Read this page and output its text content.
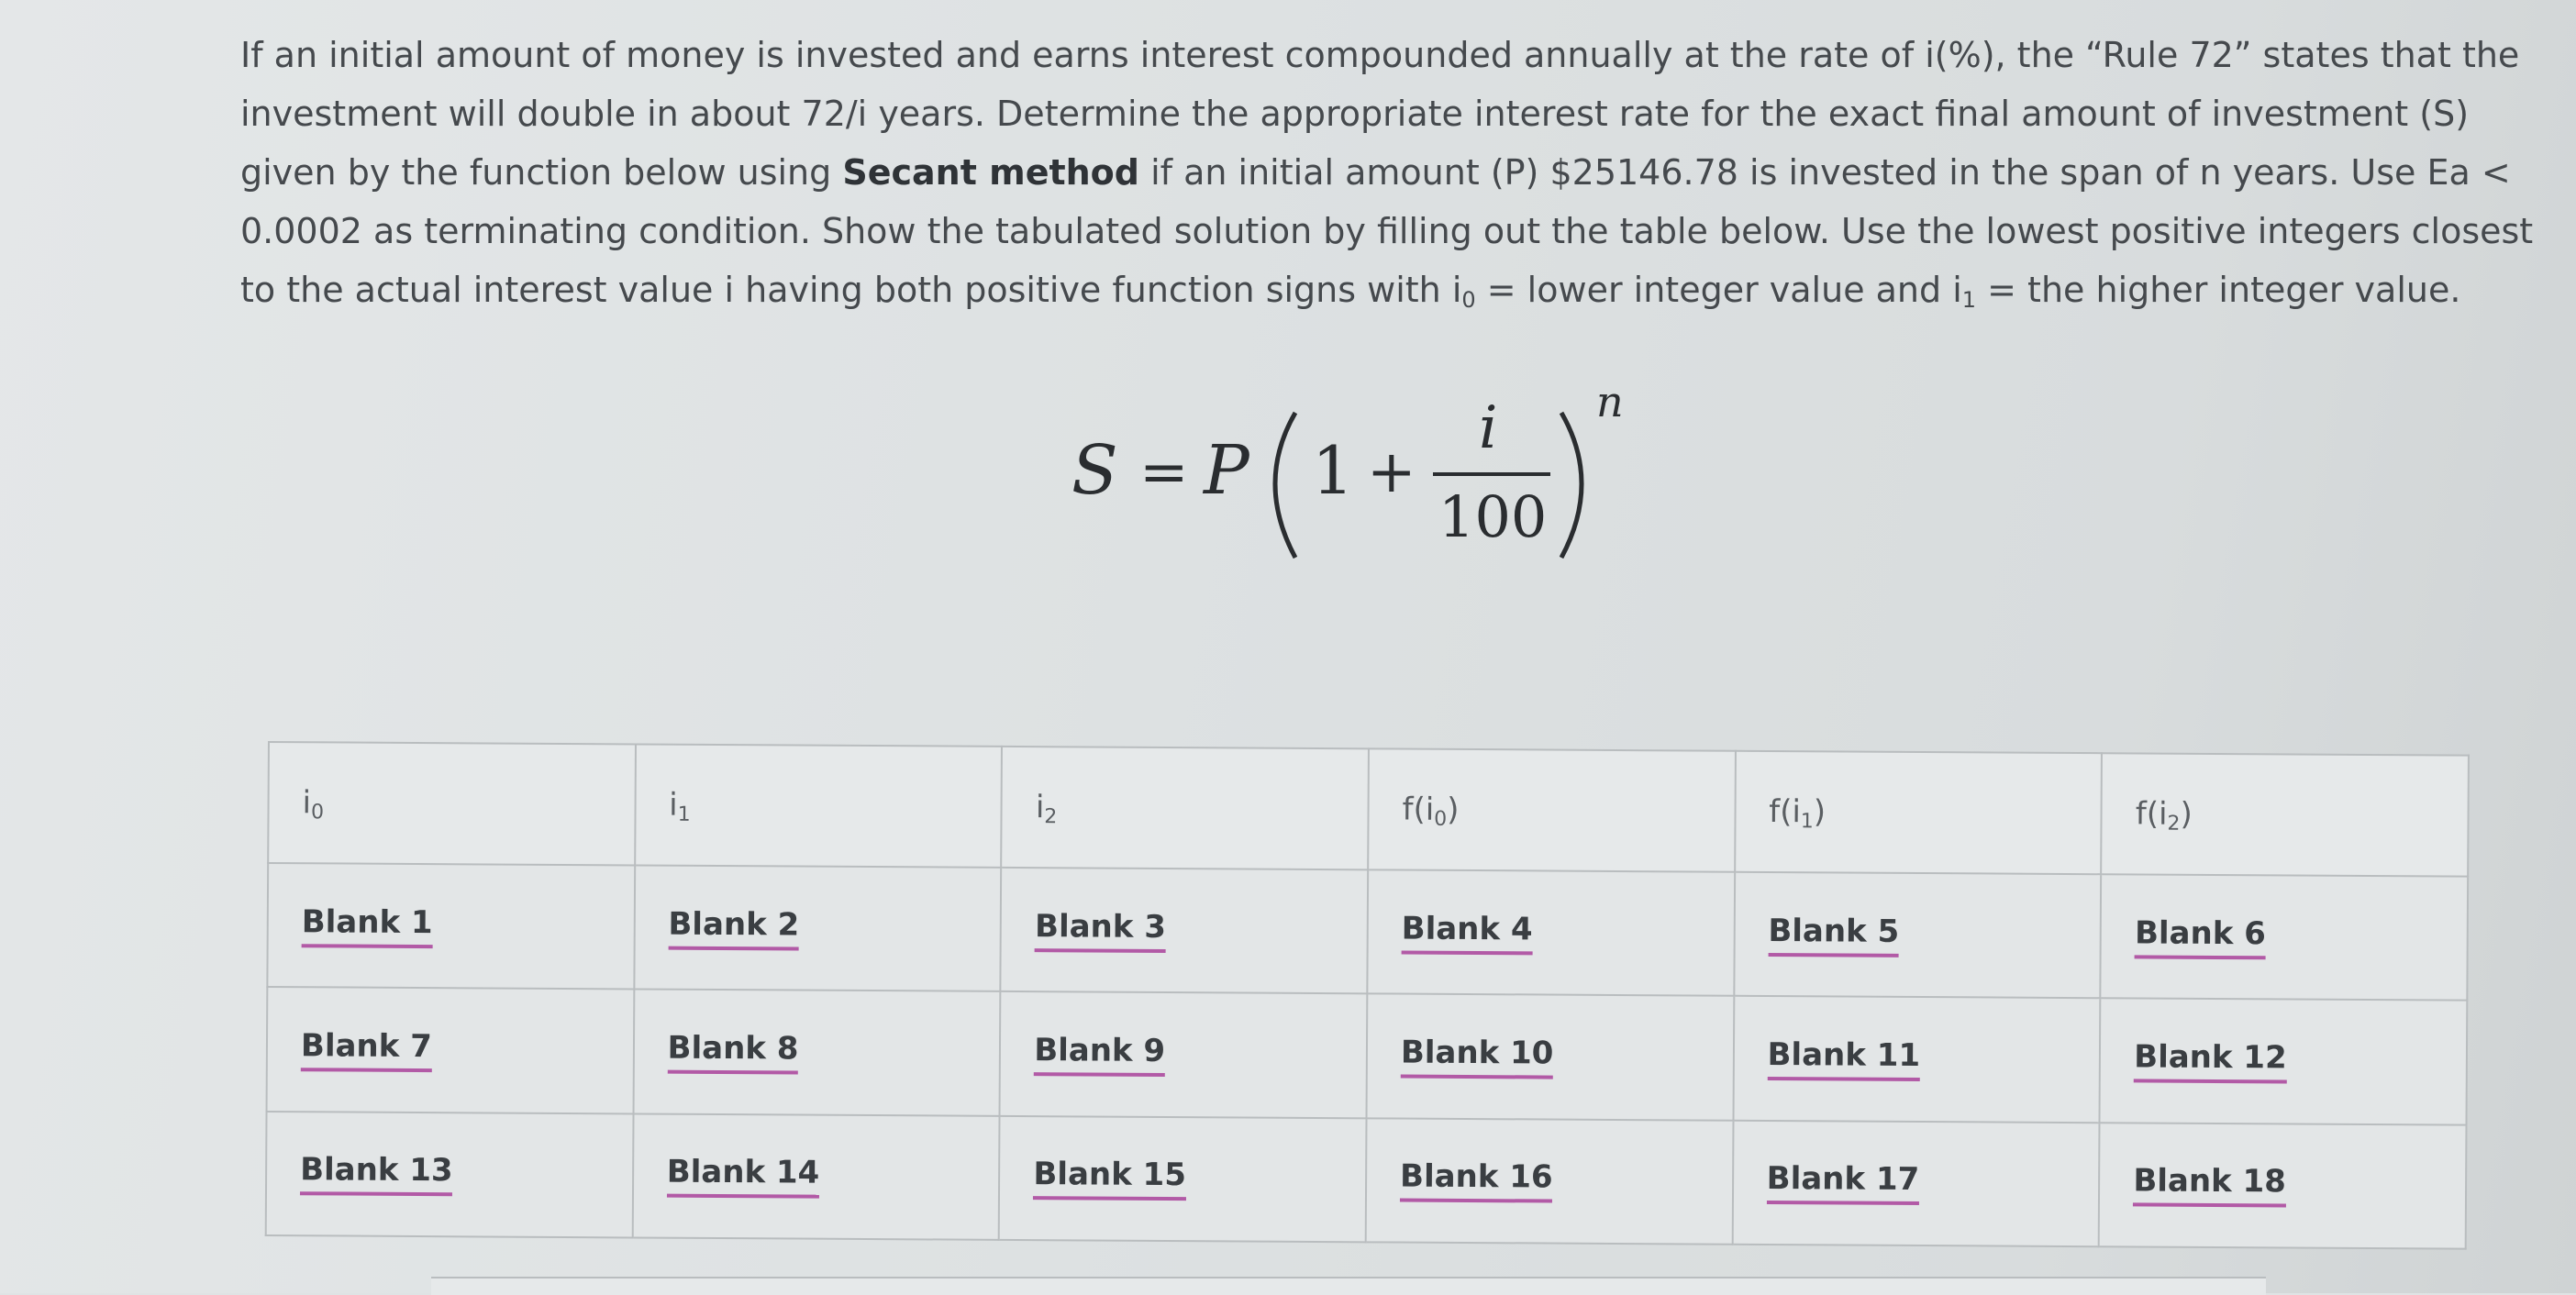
If an initial amount of money is invested and earns interest compounded annually at the rate of i(%), the “Rule 72” states that the
investment will double in about 72/i years. Determine the appropriate interest rate for the exact final amount of investment (S)
given by the function below using Secant method if an initial amount (P) $25146.78 is invested in the span of n years. Use Ea <
0.0002 as terminating condition. Show the tabulated solution by filling out the table below. Use the lowest positive integers closest
to the actual interest value i having both positive function signs with $i_0$ = lower integer value and $i_1$ = the higher integer value.
S = P 1 +
i
100
n
$i_0$	$i_1$	$i_2$	$f(i_0)$	$f(i_1)$	$f(i_2)$
Blank 1	Blank 2	Blank 3	Blank 4	Blank 5	Blank 6
Blank 7	Blank 8	Blank 9	Blank 10	Blank 11	Blank 12
Blank 13	Blank 14	Blank 15	Blank 16	Blank 17	Blank 18
